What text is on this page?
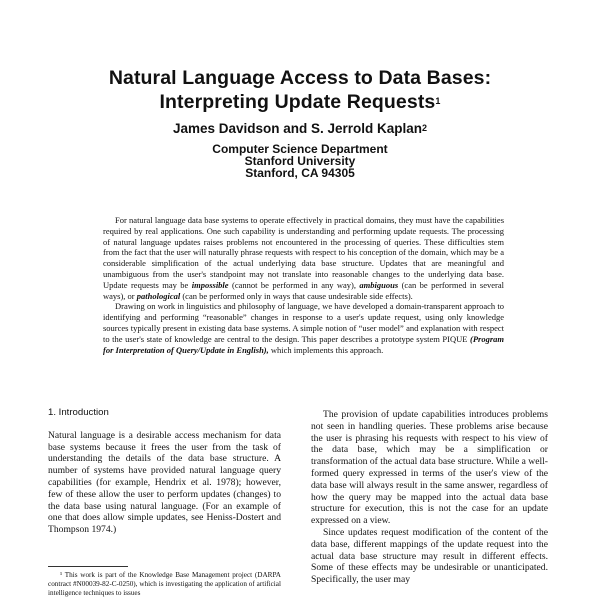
Natural Language Access to Data Bases:
Interpreting Update Requests$^1$
James Davidson and S. Jerrold Kaplan$^2$
Computer Science Department
Stanford University
Stanford, CA 94305

For natural language data base systems to operate effectively in practical domains, they must have the capabilities required by real applications. One such capability is understanding and performing update requests. The processing of natural language updates raises problems not encountered in the processing of queries. These difficulties stem from the fact that the user will naturally phrase requests with respect to his conception of the domain, which may be a considerable simplification of the actual underlying data base structure. Updates that are meaningful and unambiguous from the user's standpoint may not translate into reasonable changes to the underlying data base. Update requests may be impossible (cannot be performed in any way), ambiguous (can be performed in several ways), or pathological (can be performed only in ways that cause undesirable side effects).

Drawing on work in linguistics and philosophy of language, we have developed a domain-transparent approach to identifying and performing “reasonable” changes in response to a user's update request, using only knowledge sources typically present in existing data base systems. A simple notion of “user model” and explanation with respect to the user's state of knowledge are central to the design. This paper describes a prototype system PIQUE (Program for Interpretation of Query/Update in English), which implements this approach.

1. Introduction

Natural language is a desirable access mechanism for data base systems because it frees the user from the task of understanding the details of the data base structure. A number of systems have provided natural language query capabilities (for example, Hendrix et al. 1978); however, few of these allow the user to perform updates (changes) to the data base using natural language. (For an example of one that does allow simple updates, see Heniss-Dostert and Thompson 1974.)

The provision of update capabilities introduces problems not seen in handling queries. These problems arise because the user is phrasing his requests with respect to his view of the data base, which may be a simplification or transformation of the actual data base structure. While a well-formed query expressed in terms of the user's view of the data base will always result in the same answer, regardless of how the query may be mapped into the actual data base structure for execution, this is not the case for an update expressed on a view.

Since updates request modification of the content of the data base, different mappings of the update request into the actual data base structure may result in different effects. Some of these effects may be undesirable or unanticipated. Specifically, the user may

¹ This work is part of the Knowledge Base Management project (DARPA contract #N00039-82-C-0250), which is investigating the application of artificial intelligence techniques to issues
